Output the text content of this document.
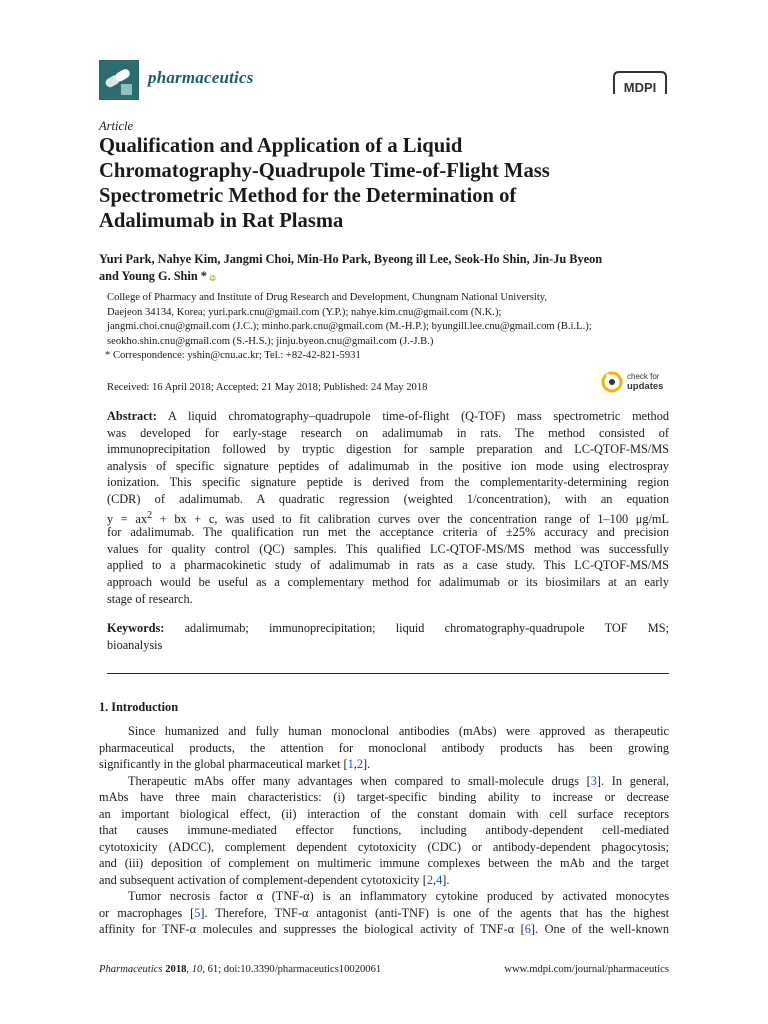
pharmaceutics
MDPI
Article
Qualification and Application of a Liquid
Chromatography-Quadrupole Time-of-Flight Mass
Spectrometric Method for the Determination of
Adalimumab in Rat Plasma
Yuri Park, Nahye Kim, Jangmi Choi, Min-Ho Park, Byeong ill Lee, Seok-Ho Shin, Jin-Ju Byeon
and Young G. Shin * iD
College of Pharmacy and Institute of Drug Research and Development, Chungnam National University,
Daejeon 34134, Korea; yuri.park.cnu@gmail.com (Y.P.); nahye.kim.cnu@gmail.com (N.K.);
jangmi.choi.cnu@gmail.com (J.C.); minho.park.cnu@gmail.com (M.-H.P.); byungill.lee.cnu@gmail.com (B.i.L.);
seokho.shin.cnu@gmail.com (S.-H.S.); jinju.byeon.cnu@gmail.com (J.-J.B.)
* Correspondence: yshin@cnu.ac.kr; Tel.: +82-42-821-5931
Received: 16 April 2018; Accepted: 21 May 2018; Published: 24 May 2018
check for
updates
Abstract: A liquid chromatography–quadrupole time-of-flight (Q-TOF) mass spectrometric method
was developed for early-stage research on adalimumab in rats. The method consisted of
immunoprecipitation followed by tryptic digestion for sample preparation and LC-QTOF-MS/MS
analysis of specific signature peptides of adalimumab in the positive ion mode using electrospray
ionization. This specific signature peptide is derived from the complementarity-determining region
(CDR) of adalimumab. A quadratic regression (weighted 1/concentration), with an equation
$y = ax^2$ + bx + c, was used to fit calibration curves over the concentration range of 1–100 μg/mL
for adalimumab. The qualification run met the acceptance criteria of ±25% accuracy and precision
values for quality control (QC) samples. This qualified LC-QTOF-MS/MS method was successfully
applied to a pharmacokinetic study of adalimumab in rats as a case study. This LC-QTOF-MS/MS
approach would be useful as a complementary method for adalimumab or its biosimilars at an early
stage of research.
Keywords: adalimumab; immunoprecipitation; liquid chromatography-quadrupole TOF MS;
bioanalysis
1. Introduction
Since humanized and fully human monoclonal antibodies (mAbs) were approved as therapeutic
pharmaceutical products, the attention for monoclonal antibody products has been growing
significantly in the global pharmaceutical market [1,2].
Therapeutic mAbs offer many advantages when compared to small-molecule drugs [3]. In general,
mAbs have three main characteristics: (i) target-specific binding ability to increase or decrease
an important biological effect, (ii) interaction of the constant domain with cell surface receptors
that causes immune-mediated effector functions, including antibody-dependent cell-mediated
cytotoxicity (ADCC), complement dependent cytotoxicity (CDC) or antibody-dependent phagocytosis;
and (iii) deposition of complement on multimeric immune complexes between the mAb and the target
and subsequent activation of complement-dependent cytotoxicity [2,4].
Tumor necrosis factor α (TNF-α) is an inflammatory cytokine produced by activated monocytes
or macrophages [5]. Therefore, TNF-α antagonist (anti-TNF) is one of the agents that has the highest
affinity for TNF-α molecules and suppresses the biological activity of TNF-α [6]. One of the well-known
Pharmaceutics 2018, 10, 61; doi:10.3390/pharmaceutics10020061	www.mdpi.com/journal/pharmaceutics
